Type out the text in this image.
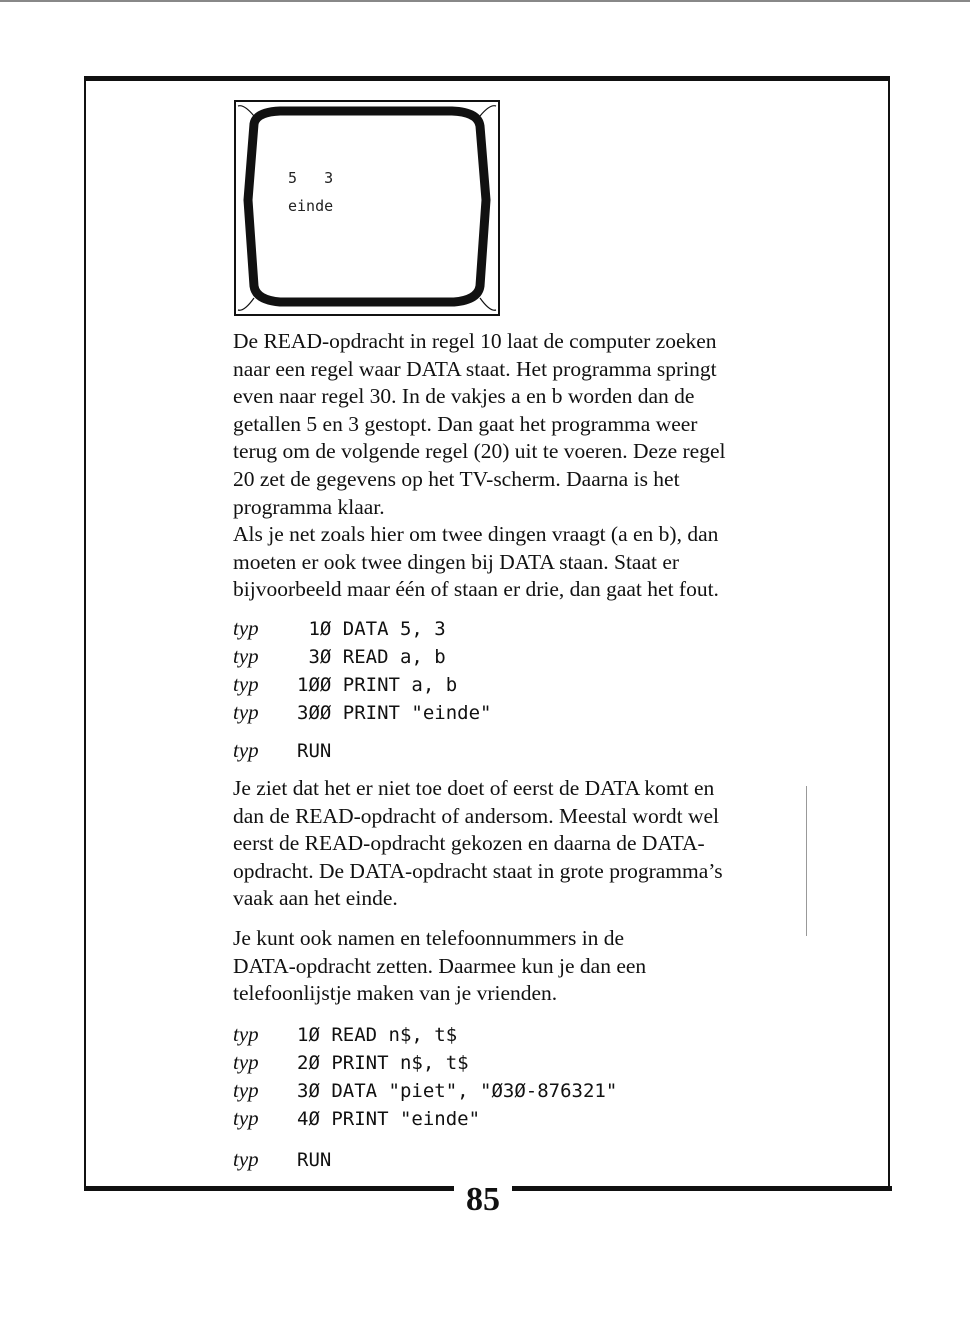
85
5   3
einde
De READ-opdracht in regel 10 laat de computer zoeken
naar een regel waar DATA staat. Het programma springt
even naar regel 30. In de vakjes a en b worden dan de
getallen 5 en 3 gestopt. Dan gaat het programma weer
terug om de volgende regel (20) uit te voeren. Deze regel
20 zet de gegevens op het TV-scherm. Daarna is het
programma klaar.
Als je net zoals hier om twee dingen vraagt (a en b), dan
moeten er ook twee dingen bij DATA staan. Staat er
bijvoorbeeld maar één of staan er drie, dan gaat het fout.
typ 1Ø DATA 5, 3
typ 3Ø READ a, b
typ 1ØØ PRINT a, b
typ 3ØØ PRINT "einde"
typ RUN
Je ziet dat het er niet toe doet of eerst de DATA komt en
dan de READ-opdracht of andersom. Meestal wordt wel
eerst de READ-opdracht gekozen en daarna de DATA-
opdracht. De DATA-opdracht staat in grote programma’s
vaak aan het einde.
Je kunt ook namen en telefoonnummers in de
DATA-opdracht zetten. Daarmee kun je dan een
telefoonlijstje maken van je vrienden.
typ 1Ø READ n$, t$
typ 2Ø PRINT n$, t$
typ 3Ø DATA "piet", "Ø3Ø-876321"
typ 4Ø PRINT "einde"
typ RUN
